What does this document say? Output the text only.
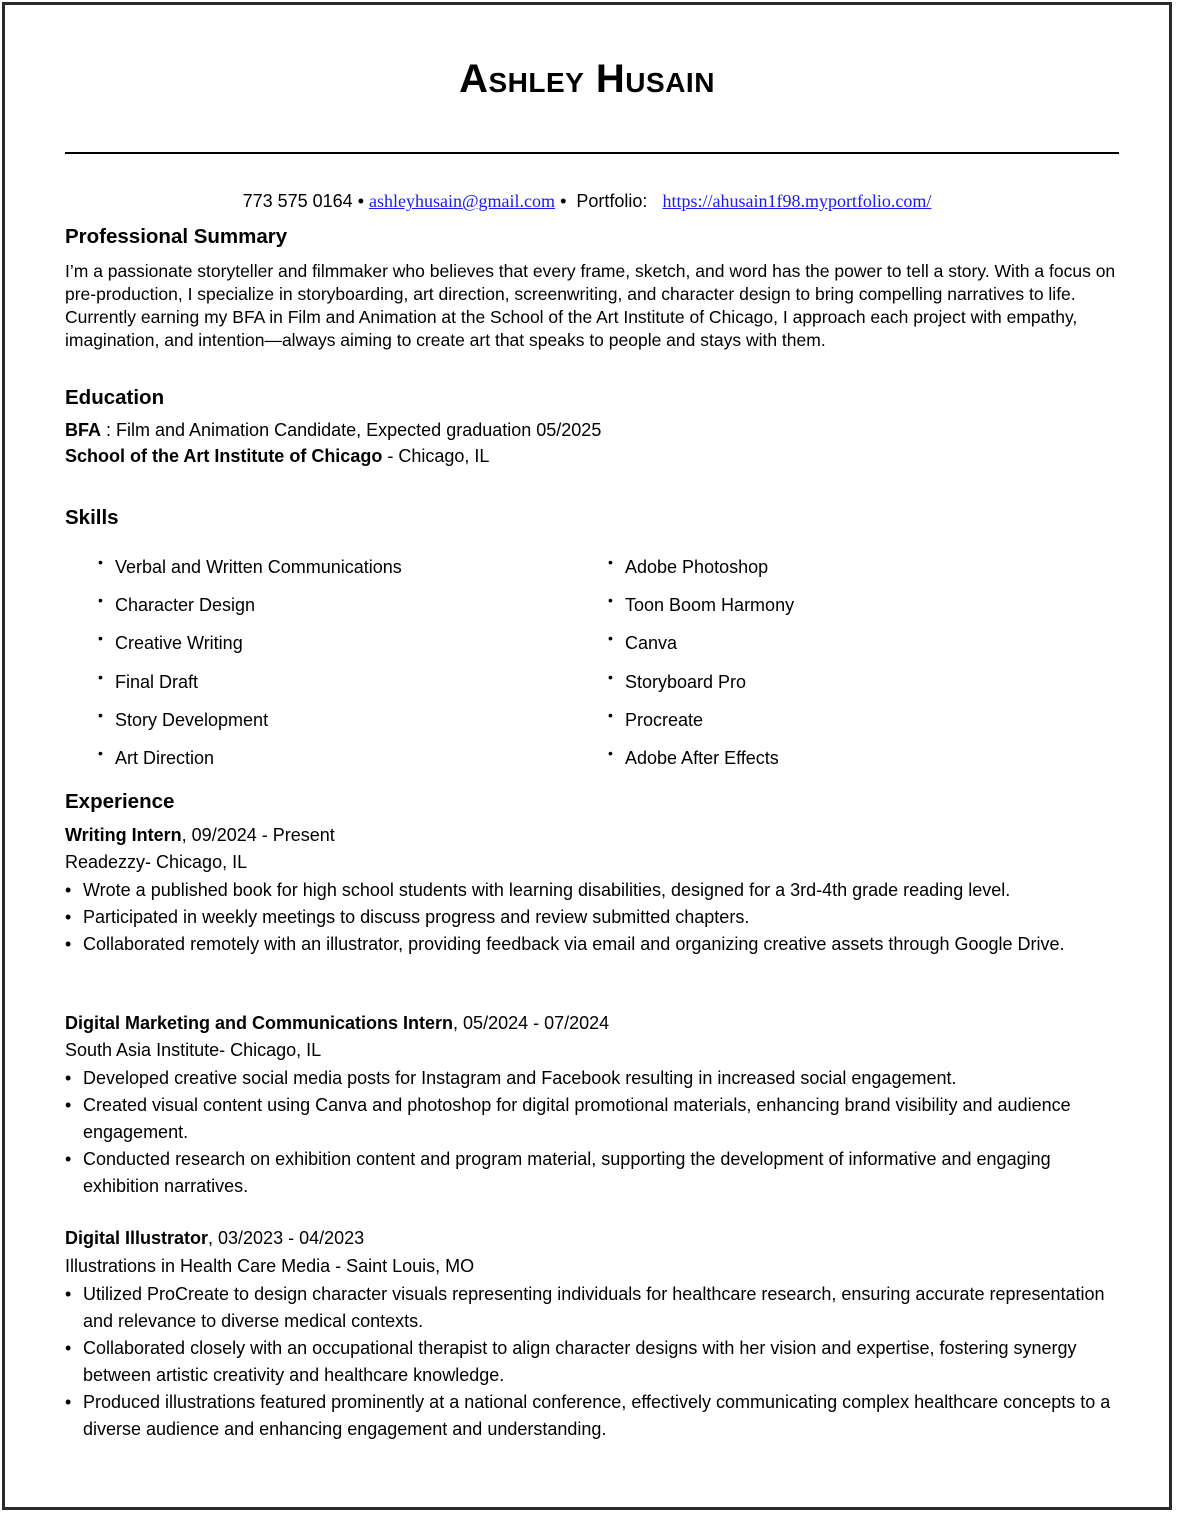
Ashley Husain
773 575 0164 • ashleyhusain@gmail.com •  Portfolio: https://ahusain1f98.myportfolio.com/
Professional Summary

I’m a passionate storyteller and filmmaker who believes that every frame, sketch, and word has the power to tell a story. With a focus on pre-production, I specialize in storyboarding, art direction, screenwriting, and character design to bring compelling narratives to life. Currently earning my BFA in Film and Animation at the School of the Art Institute of Chicago, I approach each project with empathy, imagination, and intention—always aiming to create art that speaks to people and stays with them.

Education
BFA : Film and Animation Candidate, Expected graduation 05/2025
School of the Art Institute of Chicago - Chicago, IL
Skills
• Verbal and Written Communications
• Character Design
• Creative Writing
• Final Draft
• Story Development
• Art Direction
• Adobe Photoshop
• Toon Boom Harmony
• Canva
• Storyboard Pro
• Procreate
• Adobe After Effects
Experience
Writing Intern, 09/2024 - Present
Readezzy- Chicago, IL
• Wrote a published book for high school students with learning disabilities, designed for a 3rd-4th grade reading level.
• Participated in weekly meetings to discuss progress and review submitted chapters.
• Collaborated remotely with an illustrator, providing feedback via email and organizing creative assets through Google Drive.
Digital Marketing and Communications Intern, 05/2024 - 07/2024
South Asia Institute- Chicago, IL
• Developed creative social media posts for Instagram and Facebook resulting in increased social engagement.
• Created visual content using Canva and photoshop for digital promotional materials, enhancing brand visibility and audience engagement.
• Conducted research on exhibition content and program material, supporting the development of informative and engaging exhibition narratives.
Digital Illustrator, 03/2023 - 04/2023
Illustrations in Health Care Media - Saint Louis, MO
• Utilized ProCreate to design character visuals representing individuals for healthcare research, ensuring accurate representation and relevance to diverse medical contexts.
• Collaborated closely with an occupational therapist to align character designs with her vision and expertise, fostering synergy between artistic creativity and healthcare knowledge.
• Produced illustrations featured prominently at a national conference, effectively communicating complex healthcare concepts to a diverse audience and enhancing engagement and understanding.
